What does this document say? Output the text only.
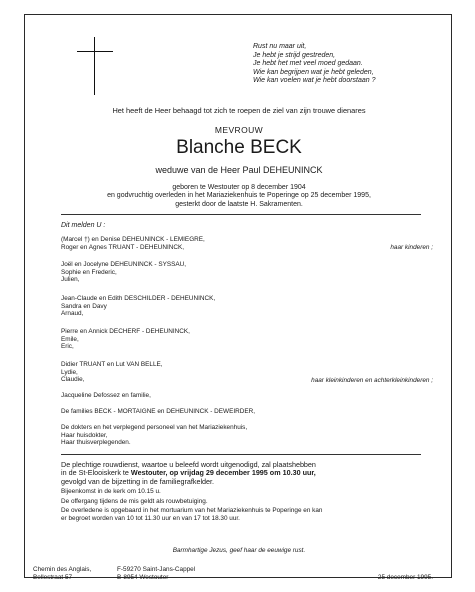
Rust nu maar uit,
Je hebt je strijd gestreden,
Je hebt het met veel moed gedaan.
Wie kan begrijpen wat je hebt geleden,
Wie kan voelen wat je hebt doorstaan ?
Het heeft de Heer behaagd tot zich te roepen de ziel van zijn trouwe dienares
MEVROUW
Blanche BECK
weduwe van de Heer Paul DEHEUNINCK
geboren te Westouter op 8 december 1904
en godvruchtig overleden in het Mariaziekenhuis te Poperinge op 25 december 1995,
gesterkt door de laatste H. Sakramenten.
Dit melden U :
(Marcel †) en Denise DEHEUNINCK - LEMIEGRE,
Roger en Agnes TRUANT - DEHEUNINCK,	haar kinderen ;
Joël en Jocelyne DEHEUNINCK - SYSSAU,
Sophie en Frederic,
Julien,
Jean-Claude en Edith DESCHILDER - DEHEUNINCK,
Sandra en Davy
Arnaud,
Pierre en Annick DECHERF - DEHEUNINCK,
Emile,
Eric,
Didier TRUANT en Lut VAN BELLE,
Lydie,
Claudie,	haar kleinkinderen en achterkleinkinderen ;
Jacqueline Defossez en familie,
De families BECK - MORTAIGNE en DEHEUNINCK - DEWEIRDER,
De dokters en het verplegend personeel van het Mariaziekenhuis,
Haar huisdokter,
Haar thuisverplegenden.
De plechtige rouwdienst, waartoe u beleefd wordt uitgenodigd, zal plaatshebben
in de St-Elooiskerk te Westouter, op vrijdag 29 december 1995 om 10.30 uur,
gevolgd van de bijzetting in de familiegrafkelder.
Bijeenkomst in de kerk om 10.15 u.
De offergang tijdens de mis geldt als rouwbetuiging.
De overledene is opgebaard in het mortuarium van het Mariaziekenhuis te Poperinge en kan
er begroet worden van 10 tot 11.30 uur en van 17 tot 18.30 uur.
Barmhartige Jezus, geef haar de eeuwige rust.
Chemin des Anglais,
Bellestraat 57
F-59270 Saint-Jans-Cappel
B-8954 Westouter	25 december 1995.
